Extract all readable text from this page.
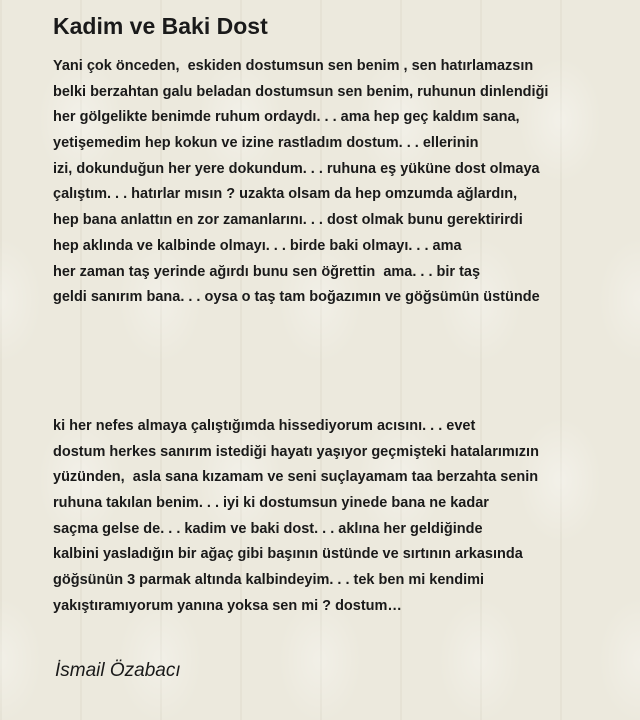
Kadim ve Baki Dost
Yani çok önceden,  eskiden dostumsun sen benim , sen hatırlamazsın
belki berzahtan galu beladan dostumsun sen benim, ruhunun dinlendiği
her gölgelikte benimde ruhum ordaydı. . . ama hep geç kaldım sana,
yetişemedim hep kokun ve izine rastladım dostum. . . ellerinin
izi, dokunduğun her yere dokundum. . . ruhuna eş yüküne dost olmaya
çalıştım. . . hatırlar mısın ? uzakta olsam da hep omzumda ağlardın,
hep bana anlattın en zor zamanlarını. . . dost olmak bunu gerektirirdi
hep aklında ve kalbinde olmayı. . . birde baki olmayı. . . ama
her zaman taş yerinde ağırdı bunu sen öğrettin  ama. . . bir taş
geldi sanırım bana. . . oysa o taş tam boğazımın ve göğsümün üstünde
ki her nefes almaya çalıştığımda hissediyorum acısını. . . evet
dostum herkes sanırım istediği hayatı yaşıyor geçmişteki hatalarımızın
yüzünden,  asla sana kızamam ve seni suçlayamam taa berzahta senin
ruhuna takılan benim. . . iyi ki dostumsun yinede bana ne kadar
saçma gelse de. . . kadim ve baki dost. . . aklına her geldiğinde
kalbini yasladığın bir ağaç gibi başının üstünde ve sırtının arkasında
göğsünün 3 parmak altında kalbindeyim. . . tek ben mi kendimi
yakıştıramıyorum yanına yoksa sen mi ? dostum…

İsmail Özabacı
